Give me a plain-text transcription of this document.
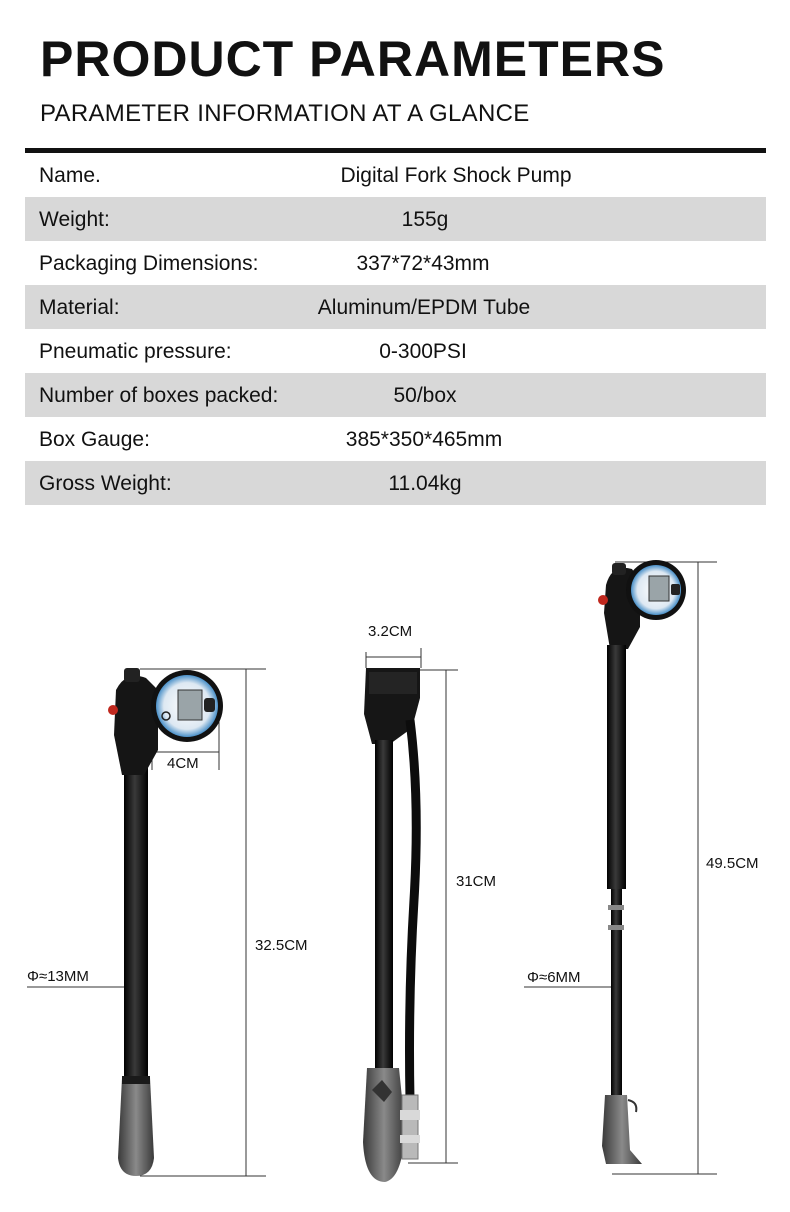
PRODUCT PARAMETERS
PARAMETER INFORMATION AT A GLANCE
Name.	Digital Fork Shock Pump
Weight:	155g
Packaging Dimensions:	337*72*43mm
Material:	Aluminum/EPDM Tube
Pneumatic pressure:	0-300PSI
Number of boxes packed:	50/box
Box Gauge:	385*350*465mm
Gross Weight:	11.04kg
4CM
32.5CM
Φ≈13MM
3.2CM
31CM
49.5CM
Φ≈6MM
